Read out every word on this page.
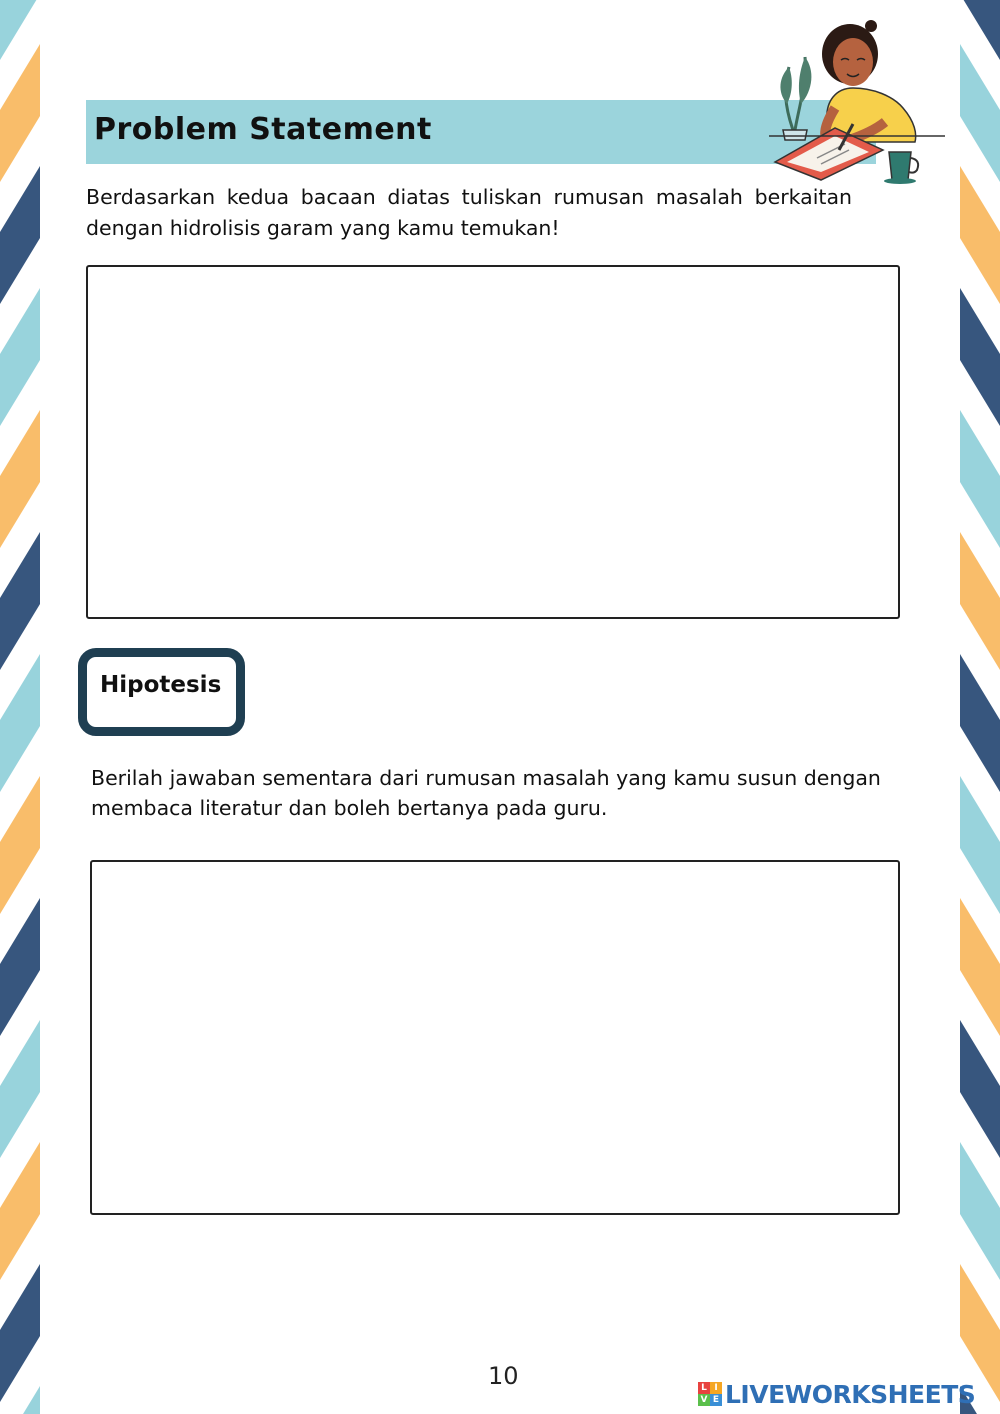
Problem Statement
Berdasarkan kedua bacaan diatas tuliskan rumusan masalah berkaitan dengan hidrolisis garam yang kamu temukan!
Hipotesis
Berilah jawaban sementara dari rumusan masalah yang kamu susun dengan membaca literatur dan boleh bertanya pada guru.
10	L I
V E LIVEWORKSHEETS
